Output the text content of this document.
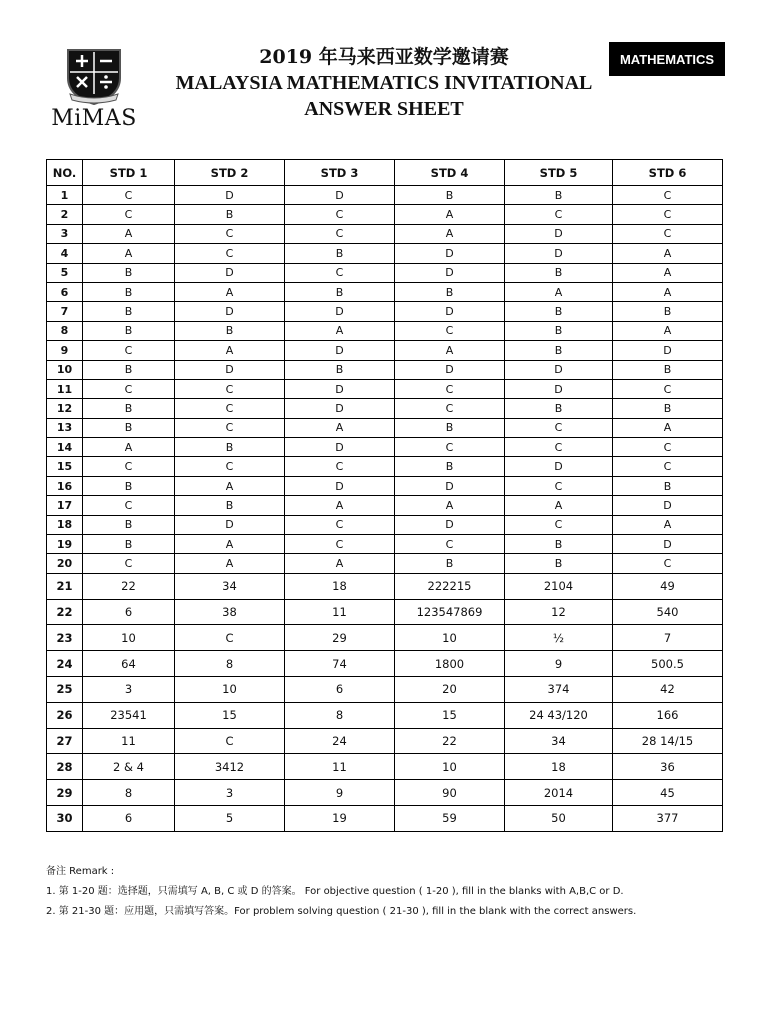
MiMAS
2019 年马来西亚数学邀请赛
MALAYSIA MATHEMATICS INVITATIONAL
ANSWER SHEET
MATHEMATICS
NO.	STD 1	STD 2	STD 3	STD 4	STD 5	STD 6
1	C	D	D	B	B	C
2	C	B	C	A	C	C
3	A	C	C	A	D	C
4	A	C	B	D	D	A
5	B	D	C	D	B	A
6	B	A	B	B	A	A
7	B	D	D	D	B	B
8	B	B	A	C	B	A
9	C	A	D	A	B	D
10	B	D	B	D	D	B
11	C	C	D	C	D	C
12	B	C	D	C	B	B
13	B	C	A	B	C	A
14	A	B	D	C	C	C
15	C	C	C	B	D	C
16	B	A	D	D	C	B
17	C	B	A	A	A	D
18	B	D	C	D	C	A
19	B	A	C	C	B	D
20	C	A	A	B	B	C
21	22	34	18	222215	2104	49
22	6	38	11	123547869	12	540
23	10	C	29	10	½	7
24	64	8	74	1800	9	500.5
25	3	10	6	20	374	42
26	23541	15	8	15	24 43/120	166
27	11	C	24	22	34	28 14/15
28	2 & 4	3412	11	10	18	36
29	8	3	9	90	2014	45
30	6	5	19	59	50	377
备注 Remark :
1. 第 1-20 题：选择题，只需填写 A, B, C 或 D 的答案。 For objective question ( 1-20 ), fill in the blanks with A,B,C or D.
2. 第 21-30 题：应用题，只需填写答案。For problem solving question ( 21-30 ), fill in the blank with the correct answers.
